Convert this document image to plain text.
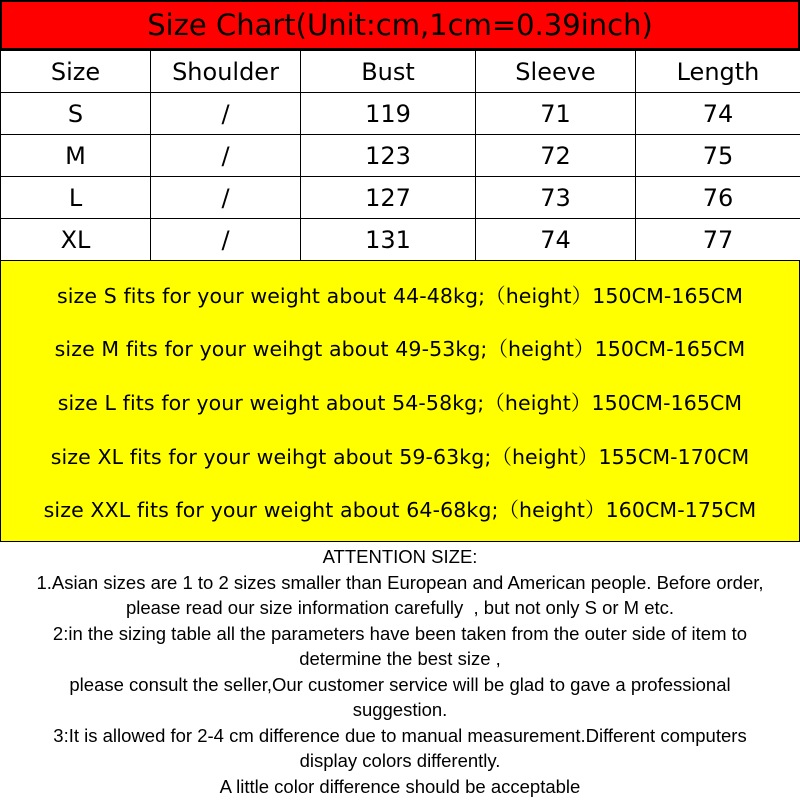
Size Chart(Unit:cm,1cm=0.39inch)
Size	Shoulder	Bust	Sleeve	Length
S	/	119	71	74
M	/	123	72	75
L	/	127	73	76
XL	/	131	74	77
size S fits for your weight about 44-48kg;（height）150CM-165CM
size M fits for your weihgt about 49-53kg;（height）150CM-165CM
size L fits for your weight about 54-58kg;（height）150CM-165CM
size XL fits for your weihgt about 59-63kg;（height）155CM-170CM
size XXL fits for your weight about 64-68kg;（height）160CM-175CM
ATTENTION SIZE:
1.Asian sizes are 1 to 2 sizes smaller than European and American people. Before order,
please read our size information carefully  , but not only S or M etc.
2:in the sizing table all the parameters have been taken from the outer side of item to
determine the best size ,
please consult the seller,Our customer service will be glad to gave a professional
suggestion.
3:It is allowed for 2-4 cm difference due to manual measurement.Different computers
display colors differently.
A little color difference should be acceptable
